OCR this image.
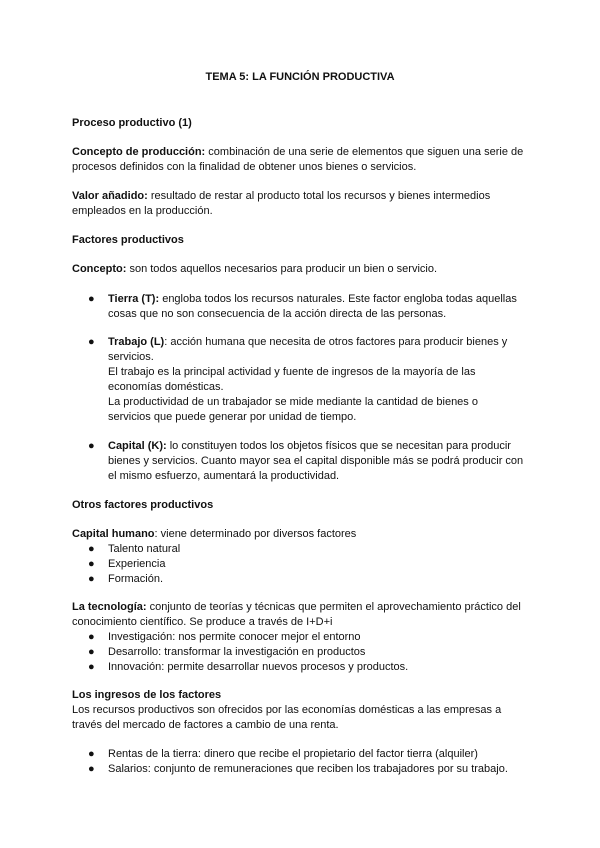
TEMA 5: LA FUNCIÓN PRODUCTIVA
Proceso productivo (1)
Concepto de producción: combinación de una serie de elementos que siguen una serie de
procesos definidos con la finalidad de obtener unos bienes o servicios.
Valor añadido: resultado de restar al producto total los recursos y bienes intermedios
empleados en la producción.
Factores productivos
Concepto: son todos aquellos necesarios para producir un bien o servicio.
● Tierra (T): engloba todos los recursos naturales. Este factor engloba todas aquellas
cosas que no son consecuencia de la acción directa de las personas.
● Trabajo (L): acción humana que necesita de otros factores para producir bienes y
servicios.
El trabajo es la principal actividad y fuente de ingresos de la mayoría de las
economías domésticas.
La productividad de un trabajador se mide mediante la cantidad de bienes o
servicios que puede generar por unidad de tiempo.
● Capital (K): lo constituyen todos los objetos físicos que se necesitan para producir
bienes y servicios. Cuanto mayor sea el capital disponible más se podrá producir con
el mismo esfuerzo, aumentará la productividad.
Otros factores productivos
Capital humano: viene determinado por diversos factores
● Talento natural
● Experiencia
● Formación.
La tecnología: conjunto de teorías y técnicas que permiten el aprovechamiento práctico del
conocimiento científico. Se produce a través de I+D+i
● Investigación: nos permite conocer mejor el entorno
● Desarrollo: transformar la investigación en productos
● Innovación: permite desarrollar nuevos procesos y productos.
Los ingresos de los factores
Los recursos productivos son ofrecidos por las economías domésticas a las empresas a
través del mercado de factores a cambio de una renta.
● Rentas de la tierra: dinero que recibe el propietario del factor tierra (alquiler)
● Salarios: conjunto de remuneraciones que reciben los trabajadores por su trabajo.
